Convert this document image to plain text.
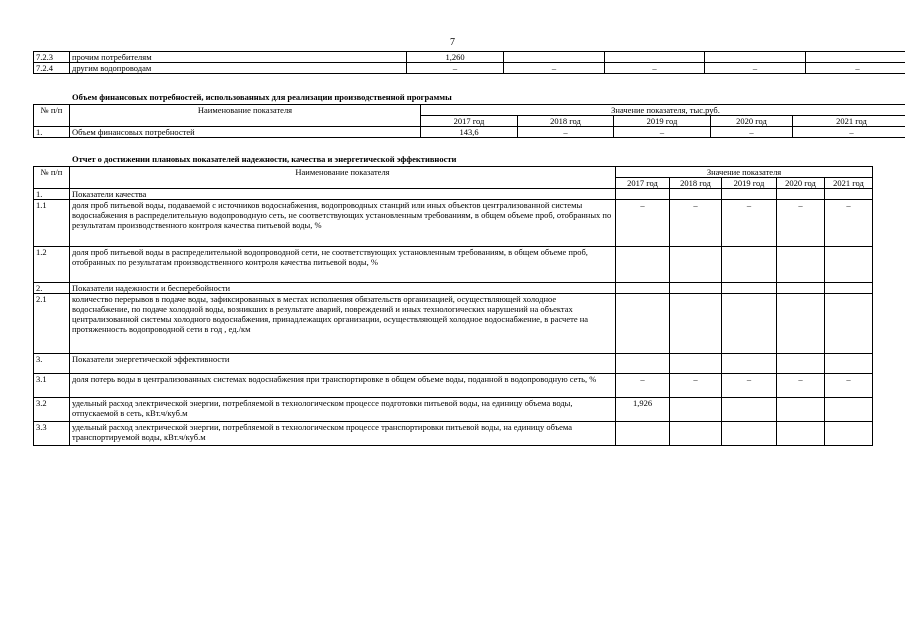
7
7.2.3	прочим потребителям	1,260				
7.2.4	другим водопроводам	–	–	–	–	–
Объем финансовых потребностей, использованных для реализации производственной программы
№ п/п	Наименование показателя	Значение показателя, тыс.руб.				
		2017 год	2018 год	2019 год	2020 год	2021 год
1.	Объем финансовых потребностей	143,6	–	–	–	–
Отчет о достижении плановых показателей надежности, качества и энергетической эффективности
№ п/п	Наименование показателя	Значение показателя				
		2017 год	2018 год	2019 год	2020 год	2021 год
1.	Показатели качества					
1.1	доля проб питьевой воды, подаваемой с источников водоснабжения, водопроводных станций или иных объектов централизованной системы водоснабжения в распределительную водопроводную сеть, не соответствующих установленным требованиям, в общем объеме проб, отобранных по результатам производственного контроля качества питьевой воды, %	–	–	–	–	–
1.2	доля проб питьевой воды в распределительной водопроводной сети, не соответствующих установленным требованиям, в общем объеме проб, отобранных по результатам производственного контроля качества питьевой воды, %					
2.	Показатели надежности и бесперебойности					
2.1	количество перерывов в подаче воды, зафиксированных в местах исполнения обязательств организацией, осуществляющей холодное водоснабжение, по подаче холодной воды, возникших в результате аварий, повреждений и иных технологических нарушений на объектах централизованной системы холодного водоснабжения, принадлежащих организации, осуществляющей холодное водоснабжение, в расчете на протяженность водопроводной сети в год , ед./км					
3.	Показатели энергетической эффективности					
3.1	доля потерь воды в централизованных системах водоснабжения при транспортировке в общем объеме воды, поданной в водопроводную сеть, %	–	–	–	–	–
3.2	удельный расход электрической энергии, потребляемой в технологическом процессе подготовки питьевой воды, на единицу объема воды, отпускаемой в сеть, кВт.ч/куб.м	1,926				
3.3	удельный расход электрической энергии, потребляемой в технологическом процессе транспортировки питьевой воды, на единицу объема транспортируемой воды, кВт.ч/куб.м					
